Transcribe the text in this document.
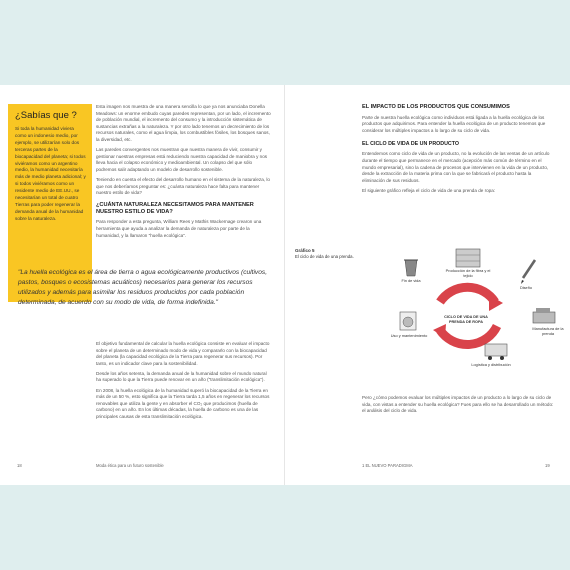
¿Sabías que ?

Si toda la humanidad viviera como un indonesio medio, por ejemplo, se utilizarían solo dos terceras partes de la biocapacidad del planeta; si todos viviéramos como un argentino medio, la humanidad necesitaría más de medio planeta adicional; y si todos viviéramos como un residente medio de EE.UU., se necesitarían un total de cuatro Tierras para poder regenerar la demanda anual de la humanidad sobre la naturaleza.

Esta imagen nos muestra de una manera sencilla lo que ya nos anunciaba Donella Meadows: un enorme embudo cuyas paredes representan, por un lado, el incremento de población mundial, el incremento del consumo y la introducción sistemática de sustancias extrañas a la naturaleza. Y por otro lado tenemos un decrecimiento de los recursos naturales, como el agua limpia, los combustibles fósiles, los bosques sanos, la diversidad, etc.

Las paredes convergentes nos muestran que nuestra manera de vivir, consumir y gestionar nuestras empresas está reduciendo nuestra capacidad de maniobra y nos lleva hacia el colapso económico y medioambiental. Un colapso del que sólo podremos salir adaptando un modelo de desarrollo sostenible.

Teniendo en cuenta el efecto del desarrollo humano en el sistema de la naturaleza, lo que nos deberíamos preguntar es: ¿cuánta naturaleza hace falta para mantener nuestro estilo de vida?

¿CUÁNTA NATURALEZA NECESITAMOS PARA MANTENER NUESTRO ESTILO DE VIDA?

Para responder a esta pregunta, William Rees y Mathis Wackernage crearon una herramienta que ayuda a analizar la demanda de naturaleza por parte de la humanidad, y la llamaron "huella ecológica".

"La huella ecológica es el área de tierra o agua ecológicamente productivos (cultivos, pastos, bosques o ecosistemas acuáticos) necesarios para generar los recursos utilizados y además para asimilar los residuos producidos por cada población determinada, de acuerdo con su modo de vida, de forma indefinida."

El objetivo fundamental de calcular la huella ecológica consiste en evaluar el impacto sobre el planeta de un determinado modo de vida y compararlo con la biocapacidad del planeta (la capacidad ecológica de la Tierra para regenerar sus recursos). Por tanto, es un indicador clave para la sostenibilidad.

Desde los años setenta, la demanda anual de la humanidad sobre el mundo natural ha superado lo que la Tierra puede renovar en un año ("translimitación ecológica").

En 2008, la huella ecológica de la humanidad superó la biocapacidad de la Tierra en más de un 50 %, esto significa que la Tierra tarda 1,5 años en regenerar los recursos renovables que utiliza la gente y en absorber el CO₂ que producimos (huella de carbono) en un año. En los últimas décadas, la huella de carbono es una de las principales causas de esta translimitación ecológica.

EL IMPACTO DE LOS PRODUCTOS QUE CONSUMIMOS

Parte de nuestra huella ecológica como individuos está ligada a la huella ecológica de los productos que adquirimos. Para entender la huella ecológica de un producto tenemos que considerar los múltiples impactos a lo largo de su ciclo de vida.

EL CICLO DE VIDA DE UN PRODUCTO

Entendemos como ciclo de vida de un producto, no la evolución de las ventas de un artículo durante el tiempo que permanece en el mercado (acepción más común de término en el mundo empresarial), sino la cadena de procesos que intervienen en la vida de un producto, desde la extracción de la materia prima con la que se fabricará el producto hasta la eliminación de sus residuos.

El siguiente gráfico refleja el ciclo de vida de una prenda de ropa:

Gráfico 5
El ciclo de vida de una prenda.
CICLO DE VIDA DE UNA PRENDA DE ROPA
Producción de la fibra y el tejido
Diseño
Manufactura de la prenda
Logística y distribución
Uso y mantenimiento
Fin de vida

Pero ¿cómo podemos evaluar los múltiples impactos de un producto a lo largo de su ciclo de vida, con vistas a entender su huella ecológica? Fues para ello se ha desarrollado un método: el análisis del ciclo de vida.

18	Moda ética para un futuro sostenible	1 EL NUEVO PARADIGMA	19
